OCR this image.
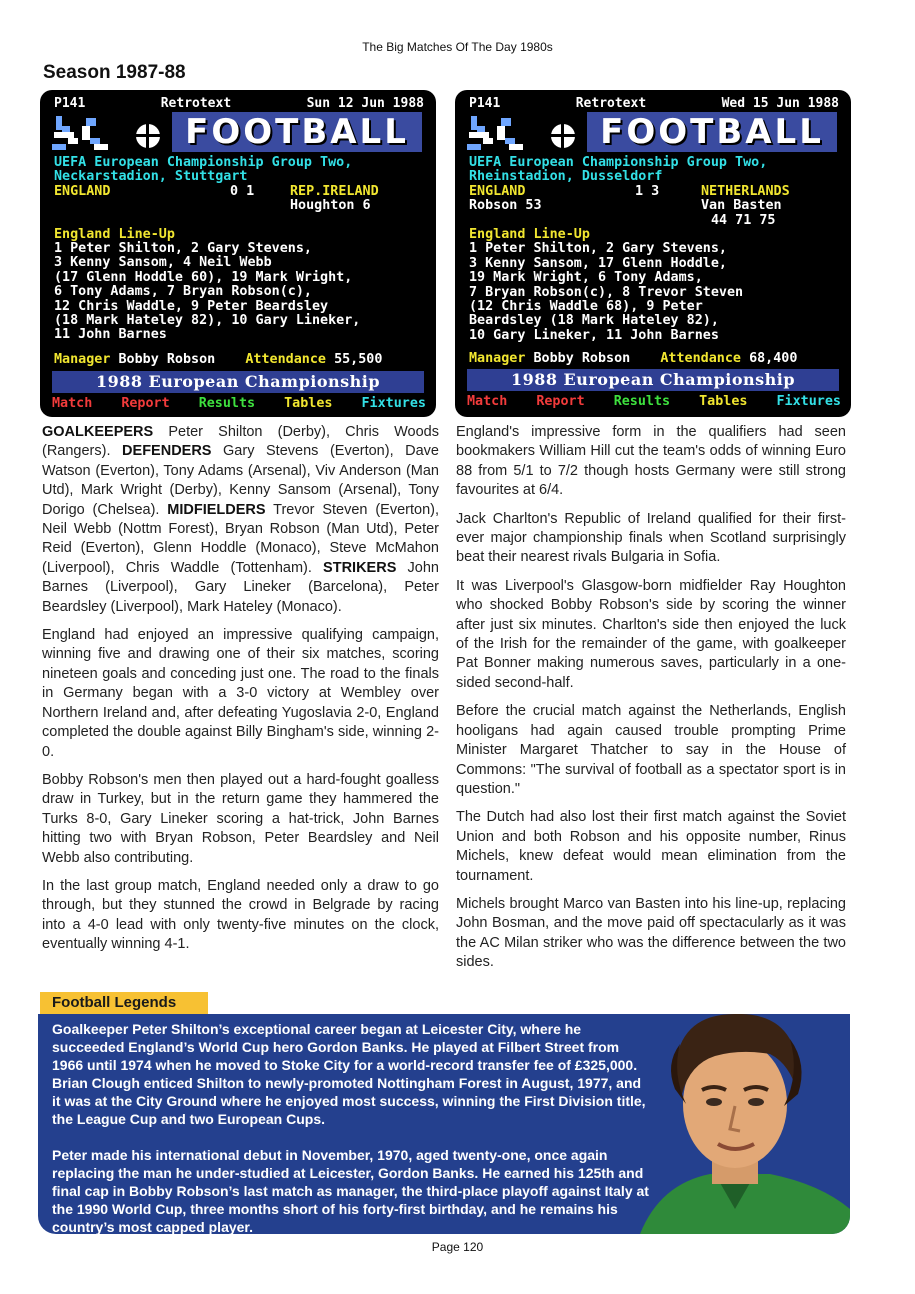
The Big Matches Of The Day 1980s
Season 1987-88
P141	Retrotext	Sun 12 Jun 1988
FOOTBALL
UEFA European Championship Group Two,
Neckarstadion, Stuttgart
ENGLAND	0 1	REP.IRELAND
Houghton 6
England Line-Up
1 Peter Shilton, 2 Gary Stevens,
3 Kenny Sansom, 4 Neil Webb
(17 Glenn Hoddle 60), 19 Mark Wright,
6 Tony Adams, 7 Bryan Robson(c),
12 Chris Waddle, 9 Peter Beardsley
(18 Mark Hateley 82), 10 Gary Lineker,
11 John Barnes
Manager Bobby Robson Attendance 55,500
1988 European Championship
Match Report Results Tables Fixtures
P141	Retrotext	Wed 15 Jun 1988
FOOTBALL
UEFA European Championship Group Two,
Rheinstadion, Dusseldorf
ENGLAND	1 3	NETHERLANDS
Robson 53	Van Basten
44 71 75
England Line-Up
1 Peter Shilton, 2 Gary Stevens,
3 Kenny Sansom, 17 Glenn Hoddle,
19 Mark Wright, 6 Tony Adams,
7 Bryan Robson(c), 8 Trevor Steven
(12 Chris Waddle 68), 9 Peter
Beardsley (18 Mark Hateley 82),
10 Gary Lineker, 11 John Barnes
Manager Bobby Robson Attendance 68,400
1988 European Championship
Match Report Results Tables Fixtures

GOALKEEPERS Peter Shilton (Derby), Chris Woods (Rangers). DEFENDERS Gary Stevens (Everton), Dave Watson (Everton), Tony Adams (Arsenal), Viv Anderson (Man Utd), Mark Wright (Derby), Kenny Sansom (Arsenal), Tony Dorigo (Chelsea). MIDFIELDERS Trevor Steven (Everton), Neil Webb (Nottm Forest), Bryan Robson (Man Utd), Peter Reid (Everton), Glenn Hoddle (Monaco), Steve McMahon (Liverpool), Chris Waddle (Tottenham). STRIKERS John Barnes (Liverpool), Gary Lineker (Barcelona), Peter Beardsley (Liverpool), Mark Hateley (Monaco).

England had enjoyed an impressive qualifying campaign, winning five and drawing one of their six matches, scoring nineteen goals and conceding just one. The road to the finals in Germany began with a 3-0 victory at Wembley over Northern Ireland and, after defeating Yugoslavia 2-0, England completed the double against Billy Bingham's side, winning 2-0.

Bobby Robson's men then played out a hard-fought goalless draw in Turkey, but in the return game they hammered the Turks 8-0, Gary Lineker scoring a hat-trick, John Barnes hitting two with Bryan Robson, Peter Beardsley and Neil Webb also contributing.

In the last group match, England needed only a draw to go through, but they stunned the crowd in Belgrade by racing into a 4-0 lead with only twenty-five minutes on the clock, eventually winning 4-1.

England's impressive form in the qualifiers had seen bookmakers William Hill cut the team's odds of winning Euro 88 from 5/1 to 7/2 though hosts Germany were still strong favourites at 6/4.

Jack Charlton's Republic of Ireland qualified for their first-ever major championship finals when Scotland surprisingly beat their nearest rivals Bulgaria in Sofia.

It was Liverpool's Glasgow-born midfielder Ray Houghton who shocked Bobby Robson's side by scoring the winner after just six minutes. Charlton's side then enjoyed the luck of the Irish for the remainder of the game, with goalkeeper Pat Bonner making numerous saves, particularly in a one-sided second-half.

Before the crucial match against the Netherlands, English hooligans had again caused trouble prompting Prime Minister Margaret Thatcher to say in the House of Commons: "The survival of football as a spectator sport is in question."

The Dutch had also lost their first match against the Soviet Union and both Robson and his opposite number, Rinus Michels, knew defeat would mean elimination from the tournament.

Michels brought Marco van Basten into his line-up, replacing John Bosman, and the move paid off spectacularly as it was the AC Milan striker who was the difference between the two sides.

Football Legends

Goalkeeper Peter Shilton’s exceptional career began at Leicester City, where he succeeded England’s World Cup hero Gordon Banks. He played at Filbert Street from 1966 until 1974 when he moved to Stoke City for a world-record transfer fee of £325,000. Brian Clough enticed Shilton to newly-promoted Nottingham Forest in August, 1977, and it was at the City Ground where he enjoyed most success, winning the First Division title, the League Cup and two European Cups.

Peter made his international debut in November, 1970, aged twenty-one, once again replacing the man he under-studied at Leicester, Gordon Banks. He earned his 125th and final cap in Bobby Robson’s last match as manager, the third-place playoff against Italy at the 1990 World Cup, three months short of his forty-first birthday, and he remains his country’s most capped player.

Page 120
